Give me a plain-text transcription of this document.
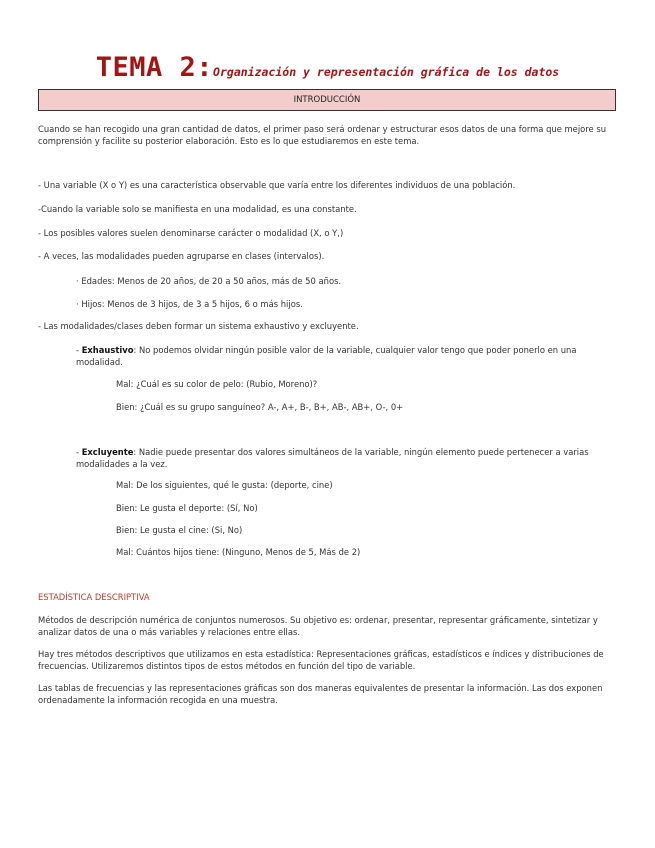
TEMA 2:Organización y representación gráfica de los datos
INTRODUCCIÓN

Cuando se han recogido una gran cantidad de datos, el primer paso será ordenar y estructurar esos datos de una forma que mejore su comprensión y facilite su posterior elaboración. Esto es lo que estudiaremos en este tema.

- Una variable (X o Y) es una característica observable que varía entre los diferentes individuos de una población.

-Cuando la variable solo se manifiesta en una modalidad, es una constante.

- Los posibles valores suelen denominarse carácter o modalidad (X, o Y,)

- A veces, las modalidades pueden agruparse en clases (intervalos).

· Edades: Menos de 20 años, de 20 a 50 años, más de 50 años.

· Hijos: Menos de 3 hijos, de 3 a 5 hijos, 6 o más hijos.

- Las modalidades/clases deben formar un sistema exhaustivo y excluyente.

- Exhaustivo: No podemos olvidar ningún posible valor de la variable, cualquier valor tengo que poder ponerlo en una modalidad.

Mal: ¿Cuál es su color de pelo: (Rubio, Moreno)?

Bien: ¿Cuál es su grupo sanguíneo? A-, A+, B-, B+, AB-, AB+, O-, 0+

- Excluyente: Nadie puede presentar dos valores simultáneos de la variable, ningún elemento puede pertenecer a varias modalidades a la vez.

Mal: De los siguientes, qué le gusta: (deporte, cine)

Bien: Le gusta el deporte: (Sí, No)

Bien: Le gusta el cine: (Si, No)

Mal: Cuántos hijos tiene: (Ninguno, Menos de 5, Más de 2)

ESTADÍSTICA DESCRIPTIVA

Métodos de descripción numérica de conjuntos numerosos. Su objetivo es: ordenar, presentar, representar gráficamente, sintetizar y analizar datos de una o más variables y relaciones entre ellas.

Hay tres métodos descriptivos que utilizamos en esta estadística: Representaciones gráficas, estadísticos e índices y distribuciones de frecuencias. Utilizaremos distintos tipos de estos métodos en función del tipo de variable.

Las tablas de frecuencias y las representaciones gráficas son dos maneras equivalentes de presentar la información. Las dos exponen ordenadamente la información recogida en una muestra.
